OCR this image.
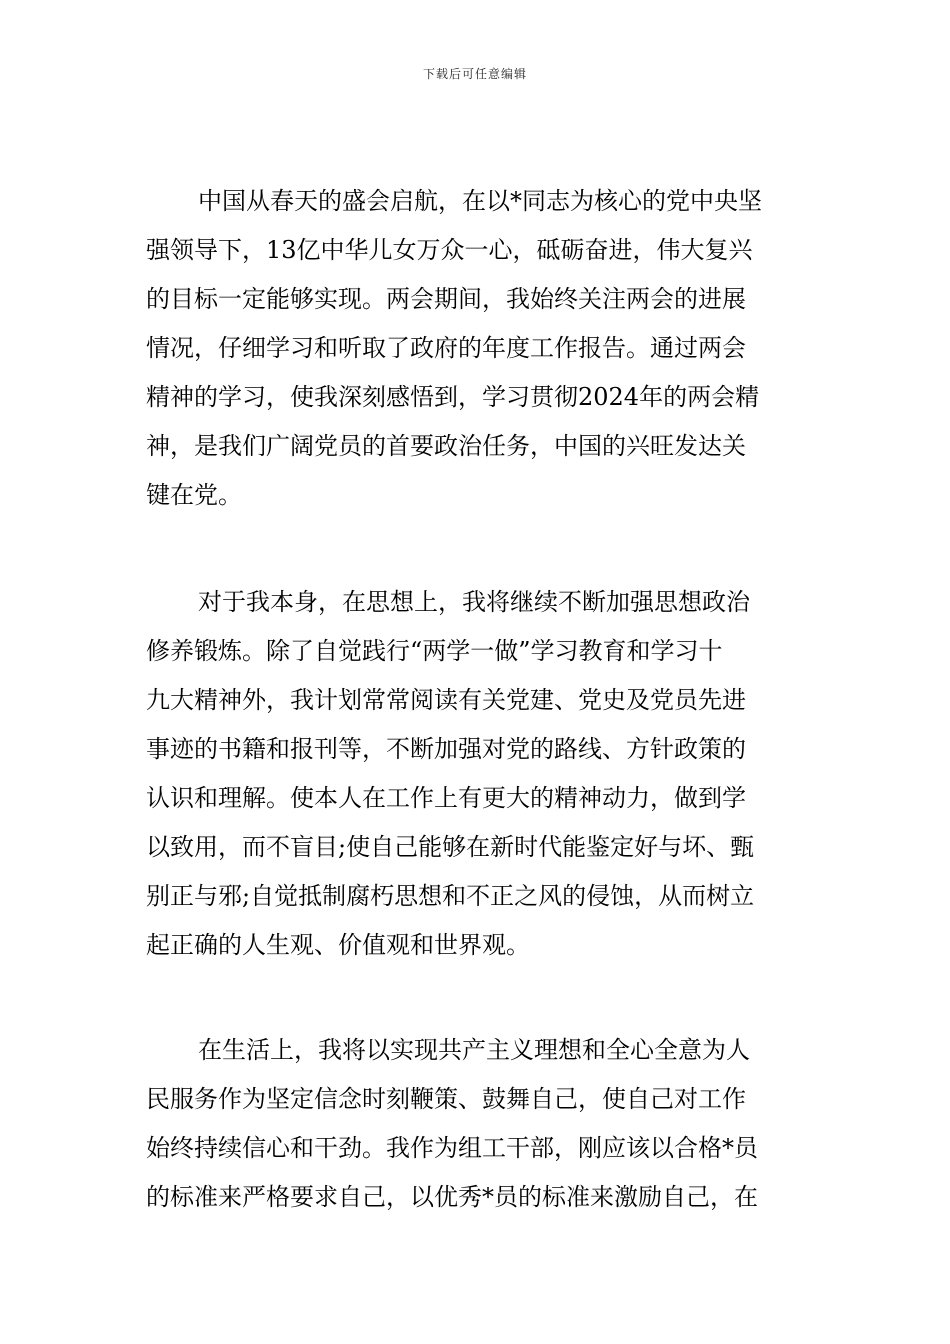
下载后可任意编辑
中国从春天的盛会启航，在以*同志为核心的党中央坚
强领导下，13亿中华儿女万众一心，砥砺奋进，伟大复兴
的目标一定能够实现。两会期间，我始终关注两会的进展
情况，仔细学习和听取了政府的年度工作报告。通过两会
精神的学习，使我深刻感悟到，学习贯彻2024年的两会精
神，是我们广阔党员的首要政治任务，中国的兴旺发达关
键在党。
对于我本身，在思想上，我将继续不断加强思想政治
修养锻炼。除了自觉践行“两学一做”学习教育和学习十
九大精神外，我计划常常阅读有关党建、党史及党员先进
事迹的书籍和报刊等，不断加强对党的路线、方针政策的
认识和理解。使本人在工作上有更大的精神动力，做到学
以致用，而不盲目;使自己能够在新时代能鉴定好与坏、甄
别正与邪;自觉抵制腐朽思想和不正之风的侵蚀，从而树立
起正确的人生观、价值观和世界观。
在生活上，我将以实现共产主义理想和全心全意为人
民服务作为坚定信念时刻鞭策、鼓舞自己，使自己对工作
始终持续信心和干劲。我作为组工干部，刚应该以合格*员
的标准来严格要求自己，以优秀*员的标准来激励自己，在
